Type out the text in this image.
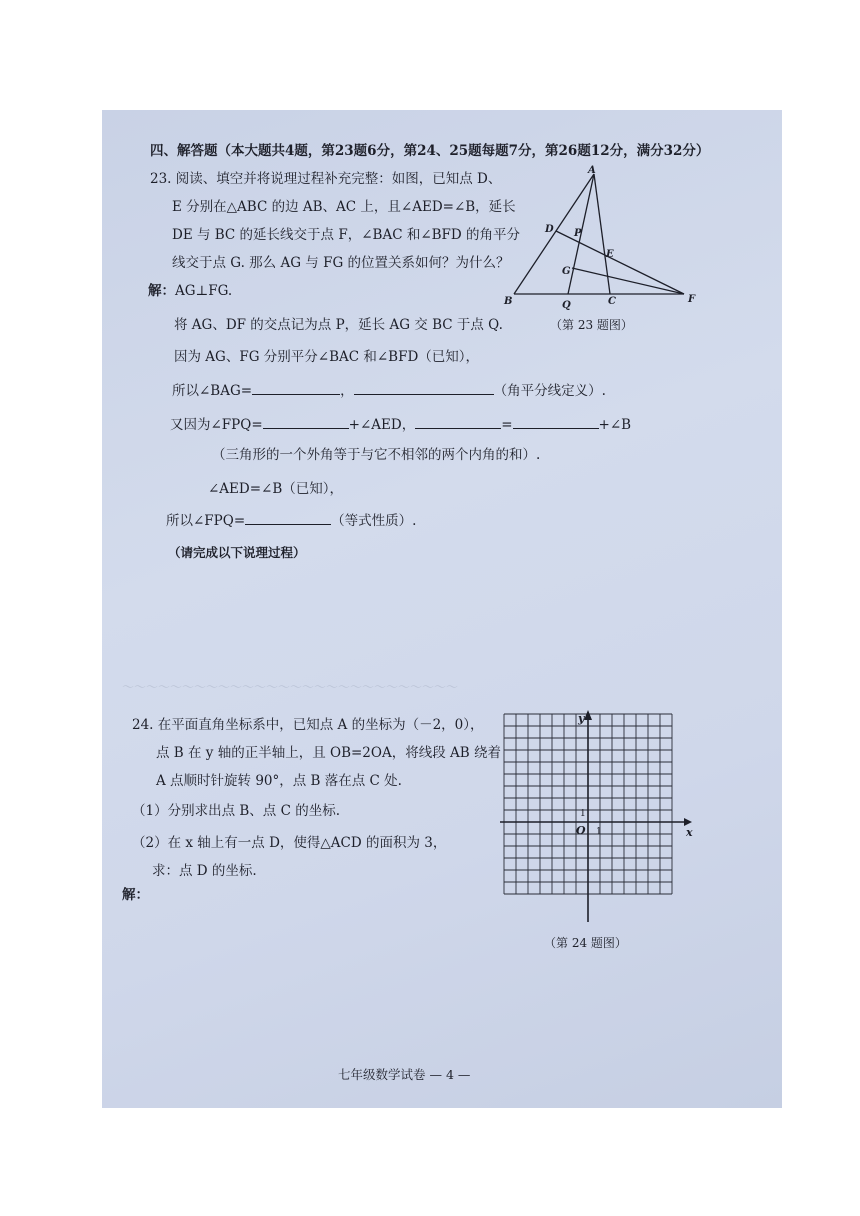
四、解答题（本大题共4题，第23题6分，第24、25题每题7分，第26题12分，满分32分）
23. 阅读、填空并将说理过程补充完整：如图，已知点 D、
E 分别在△ABC 的边 AB、AC 上，且∠AED=∠B，延长
DE 与 BC 的延长线交于点 F，∠BAC 和∠BFD 的角平分
线交于点 G. 那么 AG 与 FG 的位置关系如何？为什么？
解：AG⊥FG.
将 AG、DF 的交点记为点 P，延长 AG 交 BC 于点 Q.
因为 AG、FG 分别平分∠BAC 和∠BFD（已知），
所以∠BAG=	，	（角平分线定义）.
又因为∠FPQ=	+∠AED，	=	+∠B
（三角形的一个外角等于与它不相邻的两个内角的和）.
∠AED=∠B（已知），
所以∠FPQ=	（等式性质）.
（请完成以下说理过程）
A
B	C
D
E
F
G
P
Q
（第 23 题图）
～～～～～～～～～～～～～～～～～～～～～～～～～～～～
24. 在平面直角坐标系中，已知点 A 的坐标为（－2，0），
点 B 在 y 轴的正半轴上，且 OB=2OA，将线段 AB 绕着
A 点顺时针旋转 90°，点 B 落在点 C 处.
（1）分别求出点 B、点 C 的坐标.
（2）在 x 轴上有一点 D，使得△ACD 的面积为 3，
求：点 D 的坐标.
解：
x
y
O 1
1
（第 24 题图）
七年级数学试卷 — 4 —
